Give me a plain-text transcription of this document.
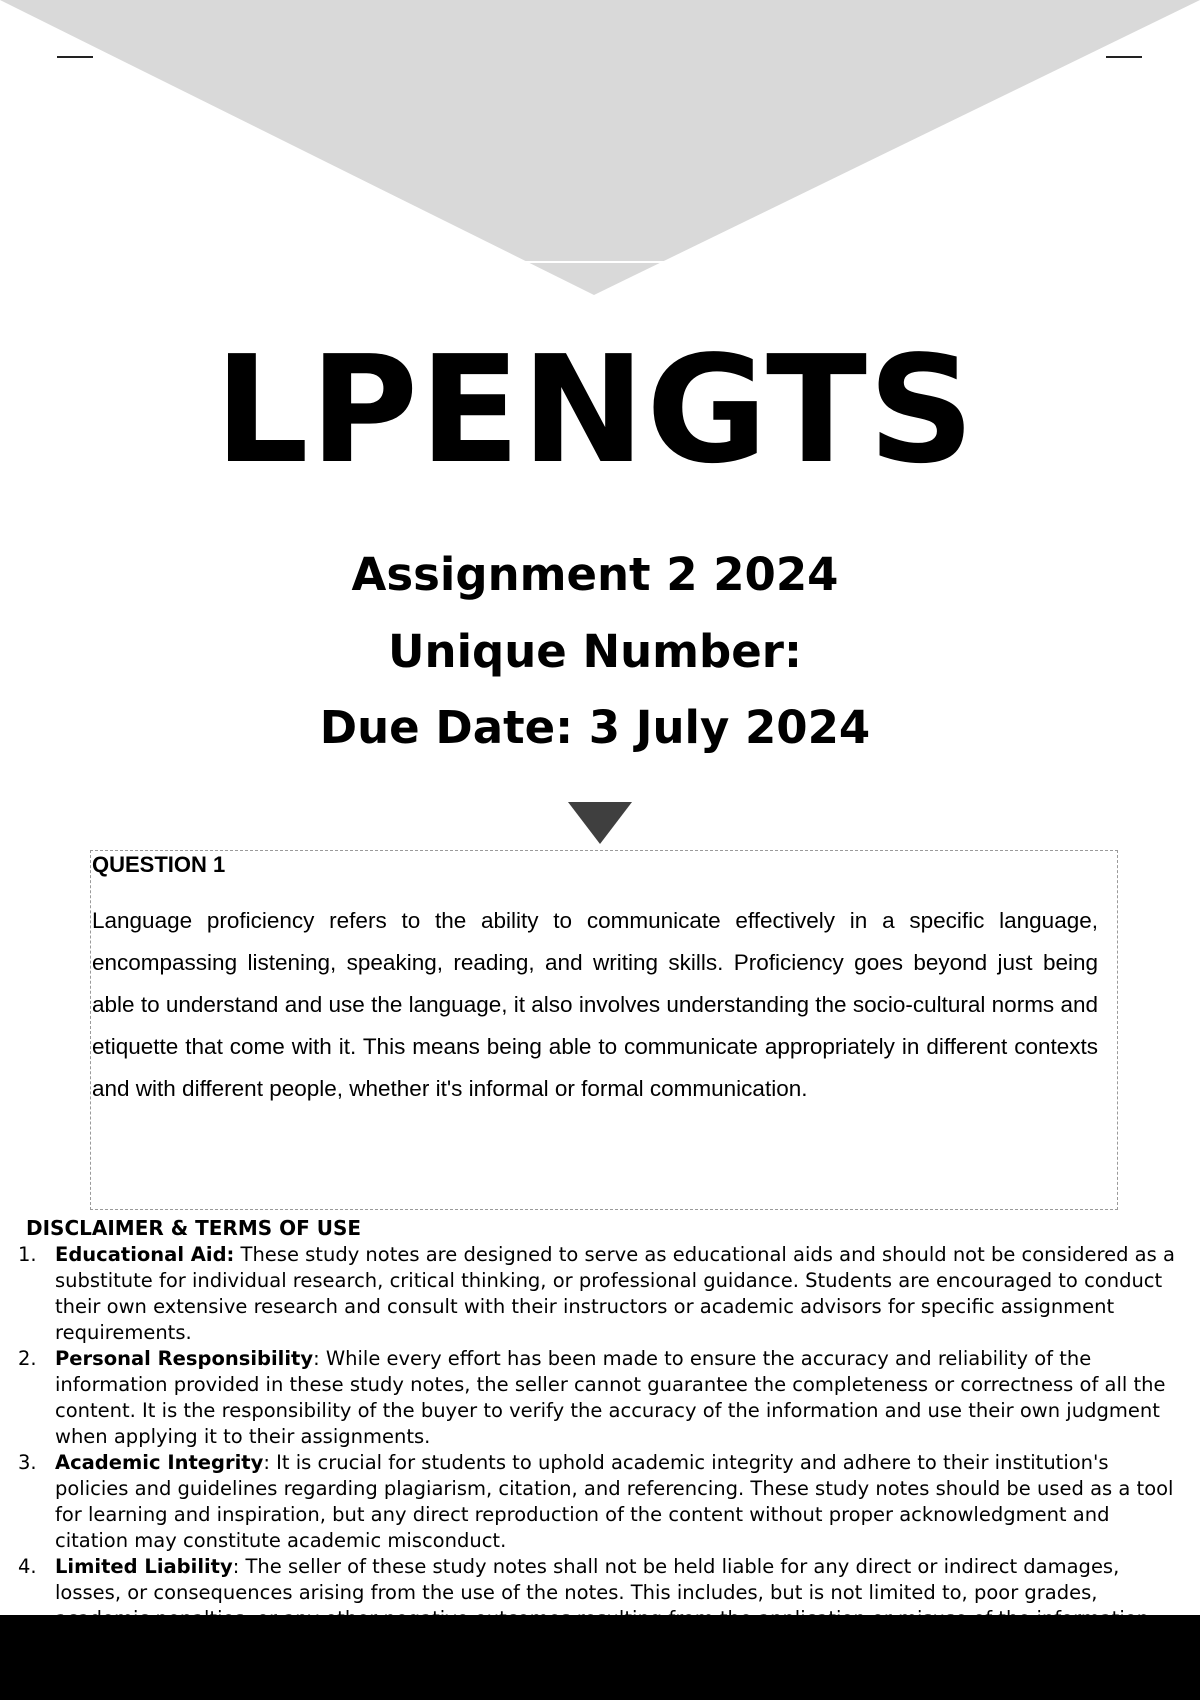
LPENGTS
Assignment 2 2024
Unique Number:
Due Date: 3 July 2024
QUESTION 1

Language proficiency refers to the ability to communicate effectively in a specific language, encompassing listening, speaking, reading, and writing skills. Proficiency goes beyond just being able to understand and use the language, it also involves understanding the socio-cultural norms and etiquette that come with it. This means being able to communicate appropriately in different contexts and with different people, whether it's informal or formal communication.

DISCLAIMER & TERMS OF USE
1. Educational Aid: These study notes are designed to serve as educational aids and should not be considered as a substitute for individual research, critical thinking, or professional guidance. Students are encouraged to conduct their own extensive research and consult with their instructors or academic advisors for specific assignment requirements.
2. Personal Responsibility: While every effort has been made to ensure the accuracy and reliability of the information provided in these study notes, the seller cannot guarantee the completeness or correctness of all the content. It is the responsibility of the buyer to verify the accuracy of the information and use their own judgment when applying it to their assignments.
3. Academic Integrity: It is crucial for students to uphold academic integrity and adhere to their institution's policies and guidelines regarding plagiarism, citation, and referencing. These study notes should be used as a tool for learning and inspiration, but any direct reproduction of the content without proper acknowledgment and citation may constitute academic misconduct.
4. Limited Liability: The seller of these study notes shall not be held liable for any direct or indirect damages, losses, or consequences arising from the use of the notes. This includes, but is not limited to, poor grades,
